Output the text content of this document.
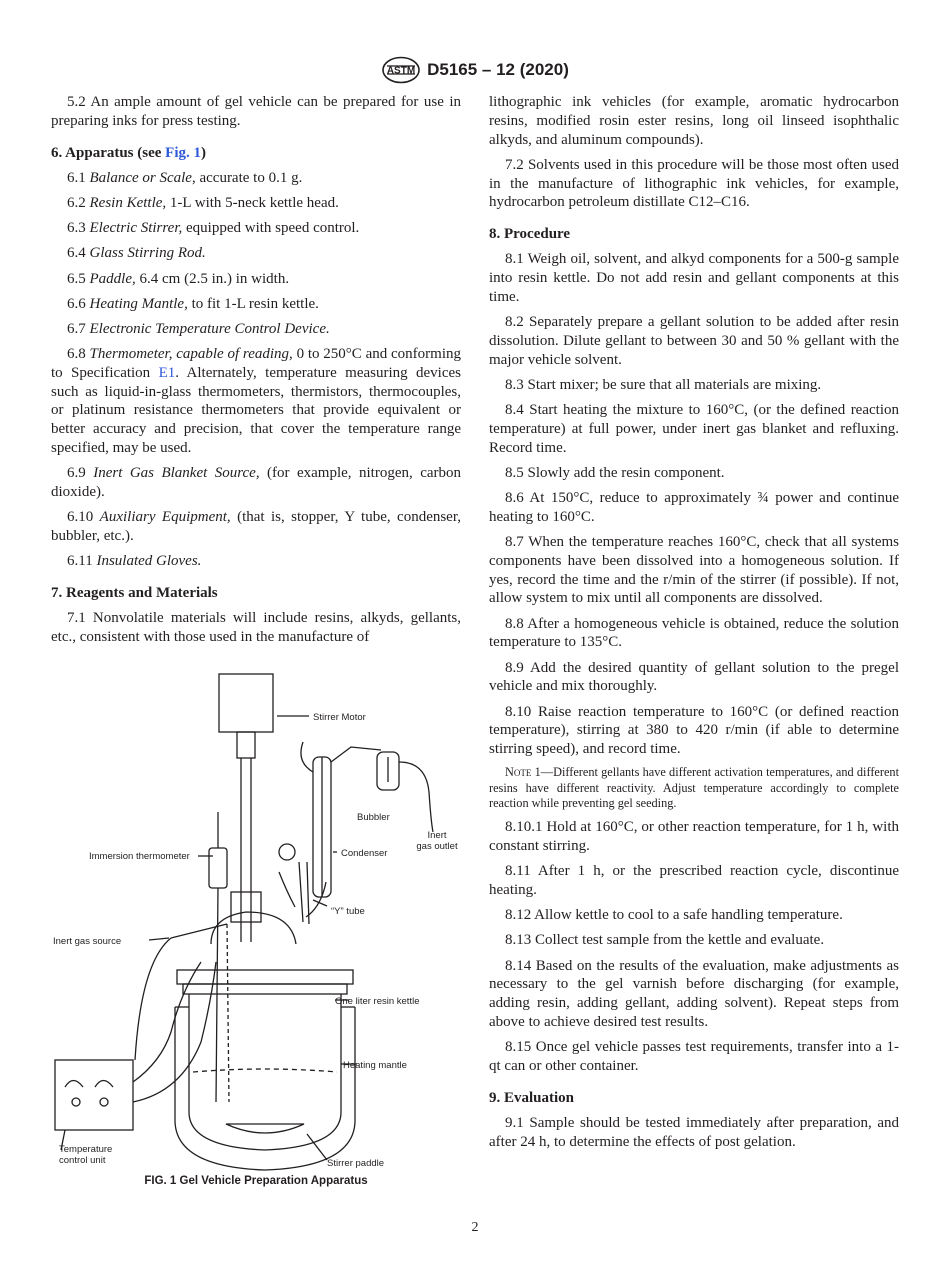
ASTM D5165 – 12 (2020)
5.2 An ample amount of gel vehicle can be prepared for use in preparing inks for press testing.
6. Apparatus (see Fig. 1)
6.1 Balance or Scale, accurate to 0.1 g.
6.2 Resin Kettle, 1-L with 5-neck kettle head.
6.3 Electric Stirrer, equipped with speed control.
6.4 Glass Stirring Rod.
6.5 Paddle, 6.4 cm (2.5 in.) in width.
6.6 Heating Mantle, to fit 1-L resin kettle.
6.7 Electronic Temperature Control Device.
6.8 Thermometer, capable of reading, 0 to 250°C and conforming to Specification E1. Alternately, temperature measuring devices such as liquid-in-glass thermometers, thermistors, thermocouples, or platinum resistance thermometers that provide equivalent or better accuracy and precision, that cover the temperature range specified, may be used.
6.9 Inert Gas Blanket Source, (for example, nitrogen, carbon dioxide).
6.10 Auxiliary Equipment, (that is, stopper, Y tube, condenser, bubbler, etc.).
6.11 Insulated Gloves.
7. Reagents and Materials
7.1 Nonvolatile materials will include resins, alkyds, gellants, etc., consistent with those used in the manufacture of
Stirrer Motor
Bubbler
Inert
gas outlet
Immersion thermometer	Condenser
“Y” tube
Inert gas source
One liter resin kettle
Heating mantle
Temperature
control unit	Stirrer paddle
FIG. 1 Gel Vehicle Preparation Apparatus
lithographic ink vehicles (for example, aromatic hydrocarbon resins, modified rosin ester resins, long oil linseed isophthalic alkyds, and aluminum compounds).
7.2 Solvents used in this procedure will be those most often used in the manufacture of lithographic ink vehicles, for example, hydrocarbon petroleum distillate C12–C16.
8. Procedure
8.1 Weigh oil, solvent, and alkyd components for a 500-g sample into resin kettle. Do not add resin and gellant components at this time.
8.2 Separately prepare a gellant solution to be added after resin dissolution. Dilute gellant to between 30 and 50 % gellant with the major vehicle solvent.
8.3 Start mixer; be sure that all materials are mixing.
8.4 Start heating the mixture to 160°C, (or the defined reaction temperature) at full power, under inert gas blanket and refluxing. Record time.
8.5 Slowly add the resin component.
8.6 At 150°C, reduce to approximately ¾ power and continue heating to 160°C.
8.7 When the temperature reaches 160°C, check that all systems components have been dissolved into a homogeneous solution. If yes, record the time and the r/min of the stirrer (if possible). If not, allow system to mix until all components are dissolved.
8.8 After a homogeneous vehicle is obtained, reduce the solution temperature to 135°C.
8.9 Add the desired quantity of gellant solution to the pregel vehicle and mix thoroughly.
8.10 Raise reaction temperature to 160°C (or defined reaction temperature), stirring at 380 to 420 r/min (if able to determine stirring speed), and record time.
Note 1—Different gellants have different activation temperatures, and different resins have different reactivity. Adjust temperature accordingly to complete reaction while preventing gel seeding.
8.10.1 Hold at 160°C, or other reaction temperature, for 1 h, with constant stirring.
8.11 After 1 h, or the prescribed reaction cycle, discontinue heating.
8.12 Allow kettle to cool to a safe handling temperature.
8.13 Collect test sample from the kettle and evaluate.
8.14 Based on the results of the evaluation, make adjustments as necessary to the gel varnish before discharging (for example, adding resin, adding gellant, adding solvent). Repeat steps from above to achieve desired test results.
8.15 Once gel vehicle passes test requirements, transfer into a 1-qt can or other container.
9. Evaluation
9.1 Sample should be tested immediately after preparation, and after 24 h, to determine the effects of post gelation.
2
